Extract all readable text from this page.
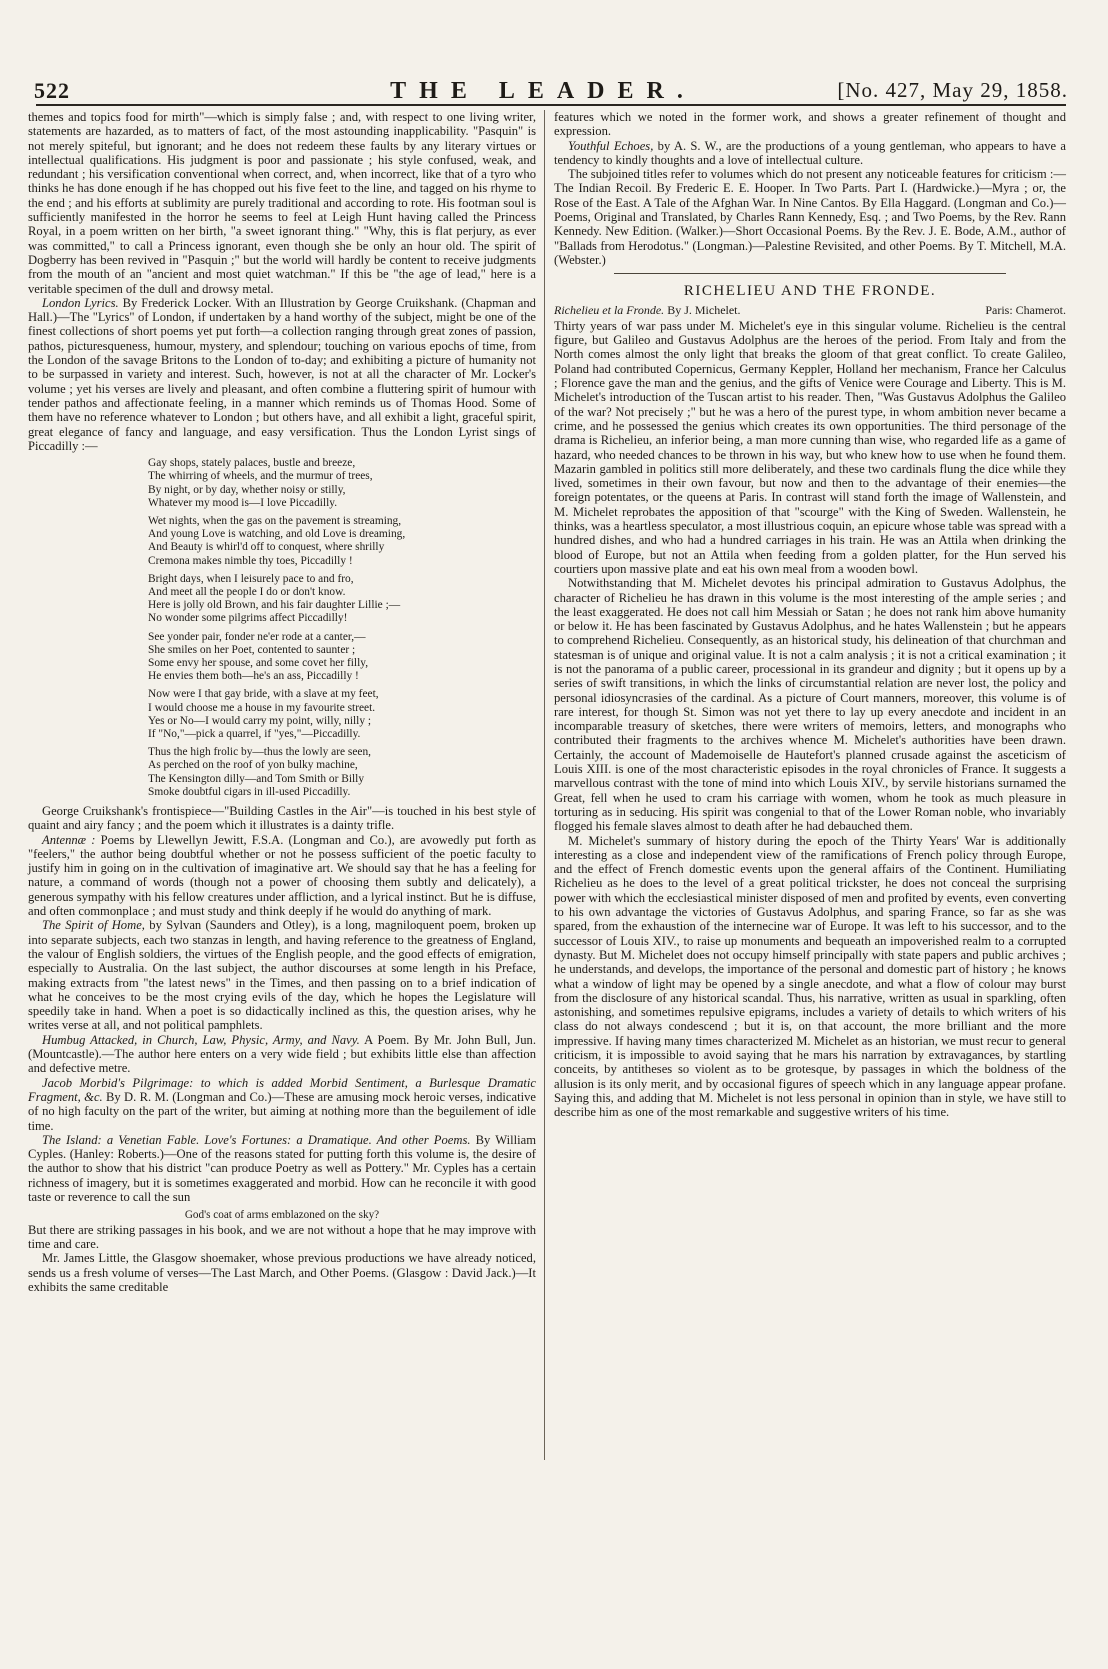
522	THE LEADER.	[No. 427, May 29, 1858.

themes and topics food for mirth"—which is simply false ; and, with respect to one living writer, statements are hazarded, as to matters of fact, of the most astounding inapplicability. "Pasquin" is not merely spiteful, but ignorant; and he does not redeem these faults by any literary virtues or intellectual qualifications. His judgment is poor and passionate ; his style confused, weak, and redundant ; his versification conventional when correct, and, when incorrect, like that of a tyro who thinks he has done enough if he has chopped out his five feet to the line, and tagged on his rhyme to the end ; and his efforts at sublimity are purely traditional and according to rote. His footman soul is sufficiently manifested in the horror he seems to feel at Leigh Hunt having called the Princess Royal, in a poem written on her birth, "a sweet ignorant thing." "Why, this is flat perjury, as ever was committed," to call a Princess ignorant, even though she be only an hour old. The spirit of Dogberry has been revived in "Pasquin ;" but the world will hardly be content to receive judgments from the mouth of an "ancient and most quiet watchman." If this be "the age of lead," here is a veritable specimen of the dull and drowsy metal.

London Lyrics. By Frederick Locker. With an Illustration by George Cruikshank. (Chapman and Hall.)—The "Lyrics" of London, if undertaken by a hand worthy of the subject, might be one of the finest collections of short poems yet put forth—a collection ranging through great zones of passion, pathos, picturesqueness, humour, mystery, and splendour; touching on various epochs of time, from the London of the savage Britons to the London of to-day; and exhibiting a picture of humanity not to be surpassed in variety and interest. Such, however, is not at all the character of Mr. Locker's volume ; yet his verses are lively and pleasant, and often combine a fluttering spirit of humour with tender pathos and affectionate feeling, in a manner which reminds us of Thomas Hood. Some of them have no reference whatever to London ; but others have, and all exhibit a light, graceful spirit, great elegance of fancy and language, and easy versification. Thus the London Lyrist sings of Piccadilly :—

Gay shops, stately palaces, bustle and breeze,
The whirring of wheels, and the murmur of trees,
By night, or by day, whether noisy or stilly,
Whatever my mood is—I love Piccadilly.
Wet nights, when the gas on the pavement is streaming,
And young Love is watching, and old Love is dreaming,
And Beauty is whirl'd off to conquest, where shrilly
Cremona makes nimble thy toes, Piccadilly !
Bright days, when I leisurely pace to and fro,
And meet all the people I do or don't know.
Here is jolly old Brown, and his fair daughter Lillie ;—
No wonder some pilgrims affect Piccadilly!
See yonder pair, fonder ne'er rode at a canter,—
She smiles on her Poet, contented to saunter ;
Some envy her spouse, and some covet her filly,
He envies them both—he's an ass, Piccadilly !
Now were I that gay bride, with a slave at my feet,
I would choose me a house in my favourite street.
Yes or No—I would carry my point, willy, nilly ;
If "No,"—pick a quarrel, if "yes,"—Piccadilly.
Thus the high frolic by—thus the lowly are seen,
As perched on the roof of yon bulky machine,
The Kensington dilly—and Tom Smith or Billy
Smoke doubtful cigars in ill-used Piccadilly.

George Cruikshank's frontispiece—"Building Castles in the Air"—is touched in his best style of quaint and airy fancy ; and the poem which it illustrates is a dainty trifle.

Antennæ : Poems by Llewellyn Jewitt, F.S.A. (Longman and Co.), are avowedly put forth as "feelers," the author being doubtful whether or not he possess sufficient of the poetic faculty to justify him in going on in the cultivation of imaginative art. We should say that he has a feeling for nature, a command of words (though not a power of choosing them subtly and delicately), a generous sympathy with his fellow creatures under affliction, and a lyrical instinct. But he is diffuse, and often commonplace ; and must study and think deeply if he would do anything of mark.

The Spirit of Home, by Sylvan (Saunders and Otley), is a long, magniloquent poem, broken up into separate subjects, each two stanzas in length, and having reference to the greatness of England, the valour of English soldiers, the virtues of the English people, and the good effects of emigration, especially to Australia. On the last subject, the author discourses at some length in his Preface, making extracts from "the latest news" in the Times, and then passing on to a brief indication of what he conceives to be the most crying evils of the day, which he hopes the Legislature will speedily take in hand. When a poet is so didactically inclined as this, the question arises, why he writes verse at all, and not political pamphlets.

Humbug Attacked, in Church, Law, Physic, Army, and Navy. A Poem. By Mr. John Bull, Jun. (Mountcastle).—The author here enters on a very wide field ; but exhibits little else than affection and defective metre.

Jacob Morbid's Pilgrimage: to which is added Morbid Sentiment, a Burlesque Dramatic Fragment, &c. By D. R. M. (Longman and Co.)—These are amusing mock heroic verses, indicative of no high faculty on the part of the writer, but aiming at nothing more than the beguilement of idle time.

The Island: a Venetian Fable. Love's Fortunes: a Dramatique. And other Poems. By William Cyples. (Hanley: Roberts.)—One of the reasons stated for putting forth this volume is, the desire of the author to show that his district "can produce Poetry as well as Pottery." Mr. Cyples has a certain richness of imagery, but it is sometimes exaggerated and morbid. How can he reconcile it with good taste or reverence to call the sun

God's coat of arms emblazoned on the sky?

But there are striking passages in his book, and we are not without a hope that he may improve with time and care.

Mr. James Little, the Glasgow shoemaker, whose previous productions we have already noticed, sends us a fresh volume of verses—The Last March, and Other Poems. (Glasgow : David Jack.)—It exhibits the same creditable

features which we noted in the former work, and shows a greater refinement of thought and expression.

Youthful Echoes, by A. S. W., are the productions of a young gentleman, who appears to have a tendency to kindly thoughts and a love of intellectual culture.

The subjoined titles refer to volumes which do not present any noticeable features for criticism :—The Indian Recoil. By Frederic E. E. Hooper. In Two Parts. Part I. (Hardwicke.)—Myra ; or, the Rose of the East. A Tale of the Afghan War. In Nine Cantos. By Ella Haggard. (Longman and Co.)—Poems, Original and Translated, by Charles Rann Kennedy, Esq. ; and Two Poems, by the Rev. Rann Kennedy. New Edition. (Walker.)—Short Occasional Poems. By the Rev. J. E. Bode, A.M., author of "Ballads from Herodotus." (Longman.)—Palestine Revisited, and other Poems. By T. Mitchell, M.A. (Webster.)

RICHELIEU AND THE FRONDE.
Richelieu et la Fronde. By J. Michelet.	Paris: Chamerot.

Thirty years of war pass under M. Michelet's eye in this singular volume. Richelieu is the central figure, but Galileo and Gustavus Adolphus are the heroes of the period. From Italy and from the North comes almost the only light that breaks the gloom of that great conflict. To create Galileo, Poland had contributed Copernicus, Germany Keppler, Holland her mechanism, France her Calculus ; Florence gave the man and the genius, and the gifts of Venice were Courage and Liberty. This is M. Michelet's introduction of the Tuscan artist to his reader. Then, "Was Gustavus Adolphus the Galileo of the war? Not precisely ;" but he was a hero of the purest type, in whom ambition never became a crime, and he possessed the genius which creates its own opportunities. The third personage of the drama is Richelieu, an inferior being, a man more cunning than wise, who regarded life as a game of hazard, who needed chances to be thrown in his way, but who knew how to use when he found them. Mazarin gambled in politics still more deliberately, and these two cardinals flung the dice while they lived, sometimes in their own favour, but now and then to the advantage of their enemies—the foreign potentates, or the queens at Paris. In contrast will stand forth the image of Wallenstein, and M. Michelet reprobates the apposition of that "scourge" with the King of Sweden. Wallenstein, he thinks, was a heartless speculator, a most illustrious coquin, an epicure whose table was spread with a hundred dishes, and who had a hundred carriages in his train. He was an Attila when drinking the blood of Europe, but not an Attila when feeding from a golden platter, for the Hun served his courtiers upon massive plate and eat his own meal from a wooden bowl.

Notwithstanding that M. Michelet devotes his principal admiration to Gustavus Adolphus, the character of Richelieu he has drawn in this volume is the most interesting of the ample series ; and the least exaggerated. He does not call him Messiah or Satan ; he does not rank him above humanity or below it. He has been fascinated by Gustavus Adolphus, and he hates Wallenstein ; but he appears to comprehend Richelieu. Consequently, as an historical study, his delineation of that churchman and statesman is of unique and original value. It is not a calm analysis ; it is not a critical examination ; it is not the panorama of a public career, processional in its grandeur and dignity ; but it opens up by a series of swift transitions, in which the links of circumstantial relation are never lost, the policy and personal idiosyncrasies of the cardinal. As a picture of Court manners, moreover, this volume is of rare interest, for though St. Simon was not yet there to lay up every anecdote and incident in an incomparable treasury of sketches, there were writers of memoirs, letters, and monographs who contributed their fragments to the archives whence M. Michelet's authorities have been drawn. Certainly, the account of Mademoiselle de Hautefort's planned crusade against the asceticism of Louis XIII. is one of the most characteristic episodes in the royal chronicles of France. It suggests a marvellous contrast with the tone of mind into which Louis XIV., by servile historians surnamed the Great, fell when he used to cram his carriage with women, whom he took as much pleasure in torturing as in seducing. His spirit was congenial to that of the Lower Roman noble, who invariably flogged his female slaves almost to death after he had debauched them.

M. Michelet's summary of history during the epoch of the Thirty Years' War is additionally interesting as a close and independent view of the ramifications of French policy through Europe, and the effect of French domestic events upon the general affairs of the Continent. Humiliating Richelieu as he does to the level of a great political trickster, he does not conceal the surprising power with which the ecclesiastical minister disposed of men and profited by events, even converting to his own advantage the victories of Gustavus Adolphus, and sparing France, so far as she was spared, from the exhaustion of the internecine war of Europe. It was left to his successor, and to the successor of Louis XIV., to raise up monuments and bequeath an impoverished realm to a corrupted dynasty. But M. Michelet does not occupy himself principally with state papers and public archives ; he understands, and develops, the importance of the personal and domestic part of history ; he knows what a window of light may be opened by a single anecdote, and what a flow of colour may burst from the disclosure of any historical scandal. Thus, his narrative, written as usual in sparkling, often astonishing, and sometimes repulsive epigrams, includes a variety of details to which writers of his class do not always condescend ; but it is, on that account, the more brilliant and the more impressive. If having many times characterized M. Michelet as an historian, we must recur to general criticism, it is impossible to avoid saying that he mars his narration by extravagances, by startling conceits, by antitheses so violent as to be grotesque, by passages in which the boldness of the allusion is its only merit, and by occasional figures of speech which in any language appear profane. Saying this, and adding that M. Michelet is not less personal in opinion than in style, we have still to describe him as one of the most remarkable and suggestive writers of his time.
